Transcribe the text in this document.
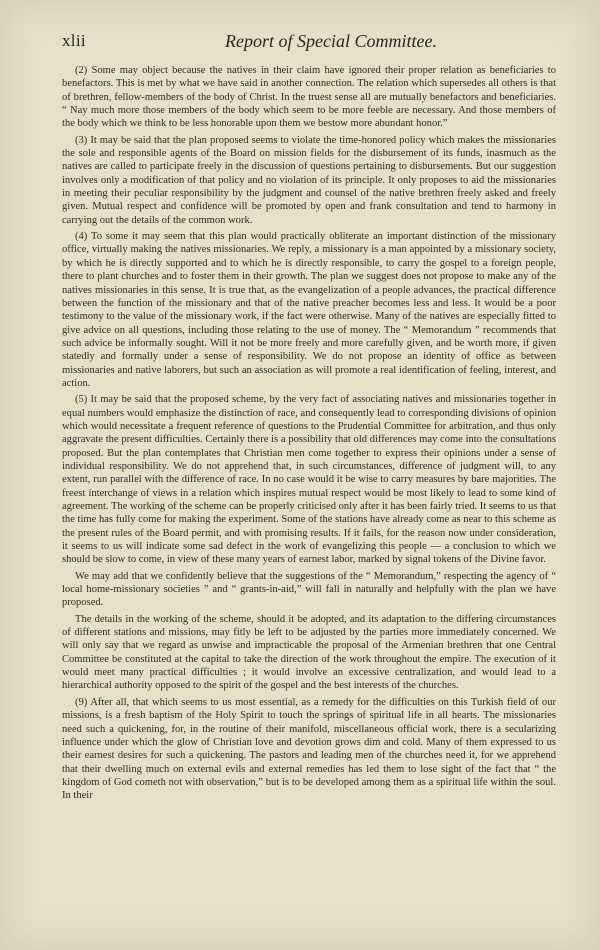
xlii	Report of Special Committee.

(2) Some may object because the natives in their claim have ignored their proper relation as beneficiaries to benefactors. This is met by what we have said in another connection. The relation which supersedes all others is that of brethren, fellow-members of the body of Christ. In the truest sense all are mutually benefactors and beneficiaries. “ Nay much more those members of the body which seem to be more feeble are necessary. And those members of the body which we think to be less honorable upon them we bestow more abundant honor.”

(3) It may be said that the plan proposed seems to violate the time-honored policy which makes the missionaries the sole and responsible agents of the Board on mission fields for the disbursement of its funds, inasmuch as the natives are called to participate freely in the discussion of questions pertaining to disbursements. But our suggestion involves only a modification of that policy and no violation of its principle. It only proposes to aid the missionaries in meeting their peculiar responsibility by the judgment and counsel of the native brethren freely asked and freely given. Mutual respect and confidence will be promoted by open and frank consultation and tend to harmony in carrying out the details of the common work.

(4) To some it may seem that this plan would practically obliterate an important distinction of the missionary office, virtually making the natives missionaries. We reply, a missionary is a man appointed by a missionary society, by which he is directly supported and to which he is directly responsible, to carry the gospel to a foreign people, there to plant churches and to foster them in their growth. The plan we suggest does not propose to make any of the natives missionaries in this sense. It is true that, as the evangelization of a people advances, the practical difference between the function of the missionary and that of the native preacher becomes less and less. It would be a poor testimony to the value of the missionary work, if the fact were otherwise. Many of the natives are especially fitted to give advice on all questions, including those relating to the use of money. The “ Memorandum ” recommends that such advice be informally sought. Will it not be more freely and more carefully given, and be worth more, if given statedly and formally under a sense of responsibility. We do not propose an identity of office as between missionaries and native laborers, but such an association as will promote a real identification of feeling, interest, and action.

(5) It may be said that the proposed scheme, by the very fact of associating natives and missionaries together in equal numbers would emphasize the distinction of race, and consequently lead to corresponding divisions of opinion which would necessitate a frequent reference of questions to the Prudential Committee for arbitration, and thus only aggravate the present difficulties. Certainly there is a possibility that old differences may come into the consultations proposed. But the plan contemplates that Christian men come together to express their opinions under a sense of individual responsibility. We do not apprehend that, in such circumstances, difference of judgment will, to any extent, run parallel with the difference of race. In no case would it be wise to carry measures by bare majorities. The freest interchange of views in a relation which inspires mutual respect would be most likely to lead to some kind of agreement. The working of the scheme can be properly criticised only after it has been fairly tried. It seems to us that the time has fully come for making the experiment. Some of the stations have already come as near to this scheme as the present rules of the Board permit, and with promising results. If it fails, for the reason now under consideration, it seems to us will indicate some sad defect in the work of evangelizing this people — a conclusion to which we should be slow to come, in view of these many years of earnest labor, marked by signal tokens of the Divine favor.

We may add that we confidently believe that the suggestions of the “ Memorandum,” respecting the agency of “ local home-missionary societies ” and “ grants-in-aid,” will fall in naturally and helpfully with the plan we have proposed.

The details in the working of the scheme, should it be adopted, and its adaptation to the differing circumstances of different stations and missions, may fitly be left to be adjusted by the parties more immediately concerned. We will only say that we regard as unwise and impracticable the proposal of the Armenian brethren that one Central Committee be constituted at the capital to take the direction of the work throughout the empire. The execution of it would meet many practical difficulties ; it would involve an excessive centralization, and would lead to a hierarchical authority opposed to the spirit of the gospel and the best interests of the churches.

(9) After all, that which seems to us most essential, as a remedy for the difficulties on this Turkish field of our missions, is a fresh baptism of the Holy Spirit to touch the springs of spiritual life in all hearts. The missionaries need such a quickening, for, in the routine of their manifold, miscellaneous official work, there is a secularizing influence under which the glow of Christian love and devotion grows dim and cold. Many of them expressed to us their earnest desires for such a quickening. The pastors and leading men of the churches need it, for we apprehend that their dwelling much on external evils and external remedies has led them to lose sight of the fact that “ the kingdom of God cometh not with observation,” but is to be developed among them as a spiritual life within the soul. In their
